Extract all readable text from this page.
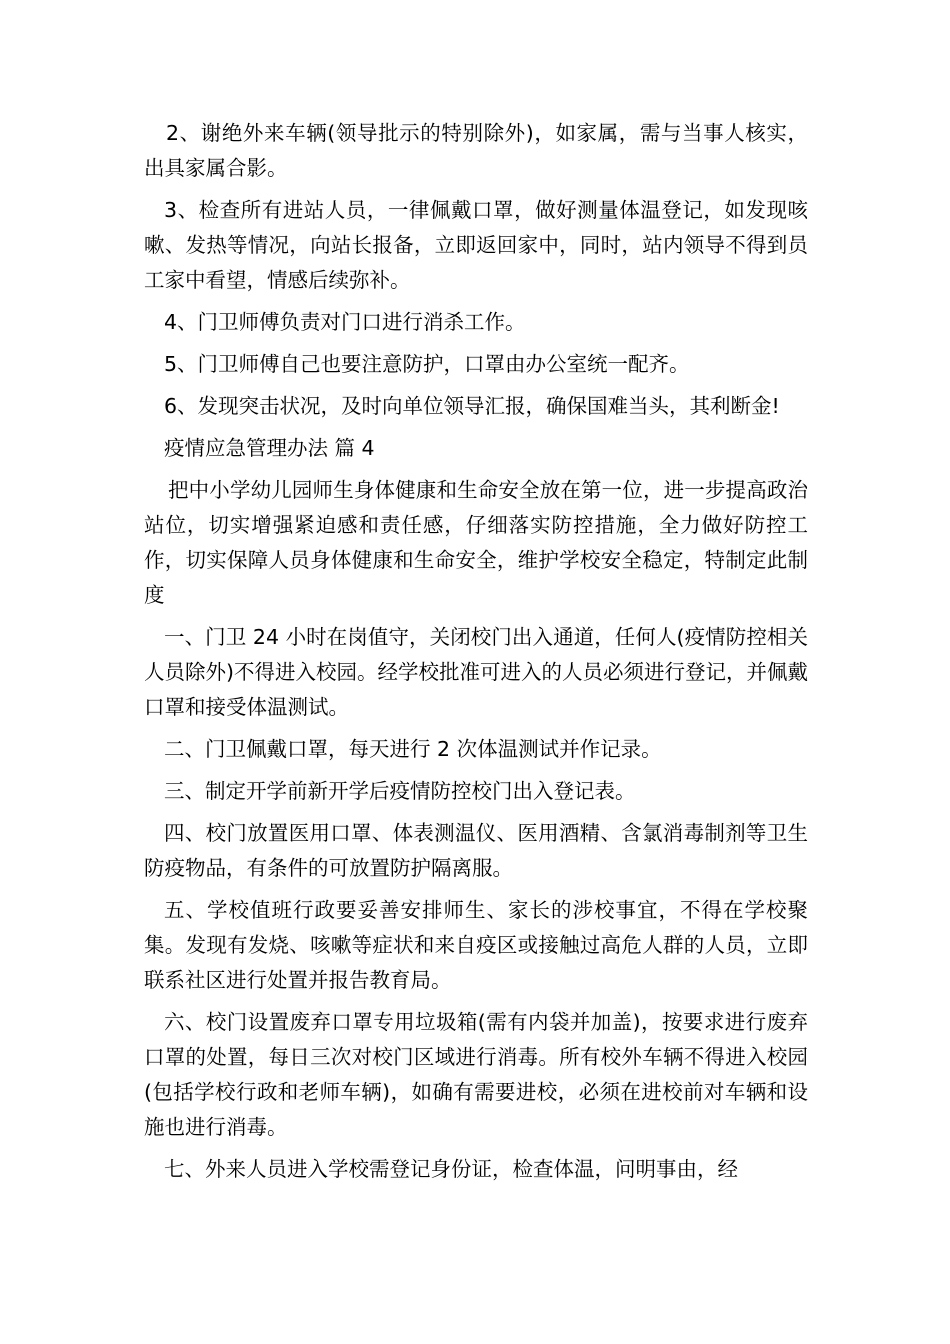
2、谢绝外来车辆(领导批示的特别除外)，如家属，需与当事人核实，出具家属合影。

3、检查所有进站人员，一律佩戴口罩，做好测量体温登记，如发现咳嗽、发热等情况，向站长报备，立即返回家中，同时，站内领导不得到员工家中看望，情感后续弥补。

4、门卫师傅负责对门口进行消杀工作。

5、门卫师傅自己也要注意防护，口罩由办公室统一配齐。

6、发现突击状况，及时向单位领导汇报，确保国难当头，其利断金!

疫情应急管理办法 篇 4

把中小学幼儿园师生身体健康和生命安全放在第一位，进一步提高政治站位，切实增强紧迫感和责任感，仔细落实防控措施，全力做好防控工作，切实保障人员身体健康和生命安全，维护学校安全稳定，特制定此制度

一、门卫 24 小时在岗值守，关闭校门出入通道，任何人(疫情防控相关人员除外)不得进入校园。经学校批准可进入的人员必须进行登记，并佩戴口罩和接受体温测试。

二、门卫佩戴口罩，每天进行 2 次体温测试并作记录。

三、制定开学前新开学后疫情防控校门出入登记表。

四、校门放置医用口罩、体表测温仪、医用酒精、含氯消毒制剂等卫生防疫物品，有条件的可放置防护隔离服。

五、学校值班行政要妥善安排师生、家长的涉校事宜，不得在学校聚集。发现有发烧、咳嗽等症状和来自疫区或接触过高危人群的人员，立即联系社区进行处置并报告教育局。

六、校门设置废弃口罩专用垃圾箱(需有内袋并加盖)，按要求进行废弃口罩的处置，每日三次对校门区域进行消毒。所有校外车辆不得进入校园(包括学校行政和老师车辆)，如确有需要进校，必须在进校前对车辆和设施也进行消毒。

七、外来人员进入学校需登记身份证，检查体温，问明事由，经
